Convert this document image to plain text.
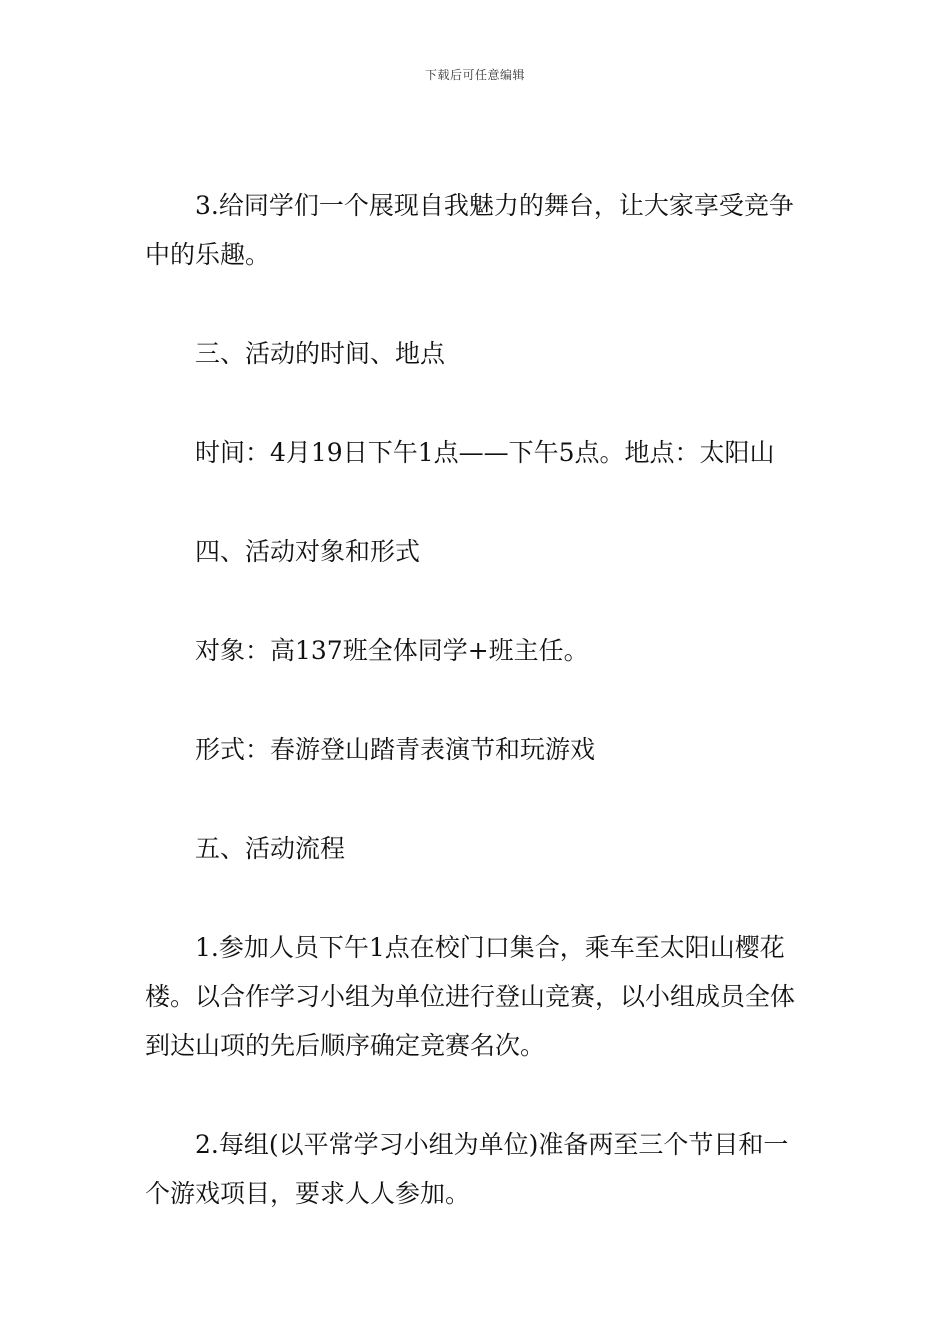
下载后可任意编辑

3.给同学们一个展现自我魅力的舞台，让大家享受竞争中的乐趣。

三、活动的时间、地点

时间：4月19日下午1点——下午5点。地点：太阳山

四、活动对象和形式

对象：高137班全体同学+班主任。

形式：春游登山踏青表演节和玩游戏

五、活动流程

1.参加人员下午1点在校门口集合，乘车至太阳山樱花楼。以合作学习小组为单位进行登山竞赛，以小组成员全体到达山项的先后顺序确定竞赛名次。

2.每组(以平常学习小组为单位)准备两至三个节目和一个游戏项目，要求人人参加。
